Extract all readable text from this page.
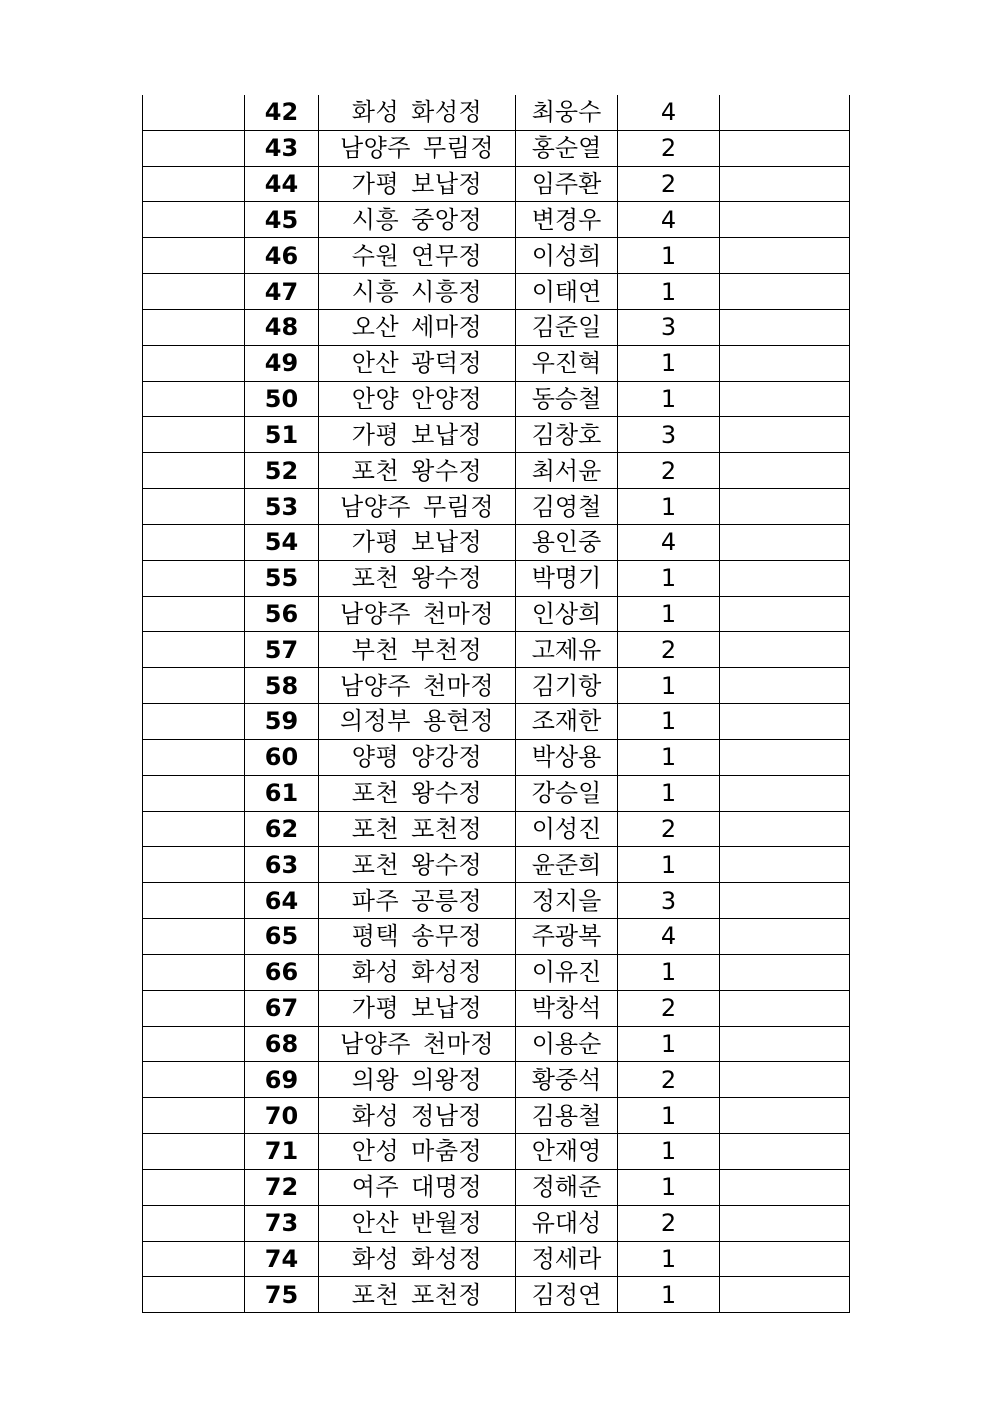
	42	화성 화성정	최웅수	4	
	43	남양주 무림정	홍순열	2	
	44	가평 보납정	임주환	2	
	45	시흥 중앙정	변경우	4	
	46	수원 연무정	이성희	1	
	47	시흥 시흥정	이태연	1	
	48	오산 세마정	김준일	3	
	49	안산 광덕정	우진혁	1	
	50	안양 안양정	동승철	1	
	51	가평 보납정	김창호	3	
	52	포천 왕수정	최서윤	2	
	53	남양주 무림정	김영철	1	
	54	가평 보납정	용인중	4	
	55	포천 왕수정	박명기	1	
	56	남양주 천마정	인상희	1	
	57	부천 부천정	고제유	2	
	58	남양주 천마정	김기항	1	
	59	의정부 용현정	조재한	1	
	60	양평 양강정	박상용	1	
	61	포천 왕수정	강승일	1	
	62	포천 포천정	이성진	2	
	63	포천 왕수정	윤준희	1	
	64	파주 공릉정	정지을	3	
	65	평택 송무정	주광복	4	
	66	화성 화성정	이유진	1	
	67	가평 보납정	박창석	2	
	68	남양주 천마정	이용순	1	
	69	의왕 의왕정	황중석	2	
	70	화성 정남정	김용철	1	
	71	안성 마춤정	안재영	1	
	72	여주 대명정	정해준	1	
	73	안산 반월정	유대성	2	
	74	화성 화성정	정세라	1	
	75	포천 포천정	김정연	1	
